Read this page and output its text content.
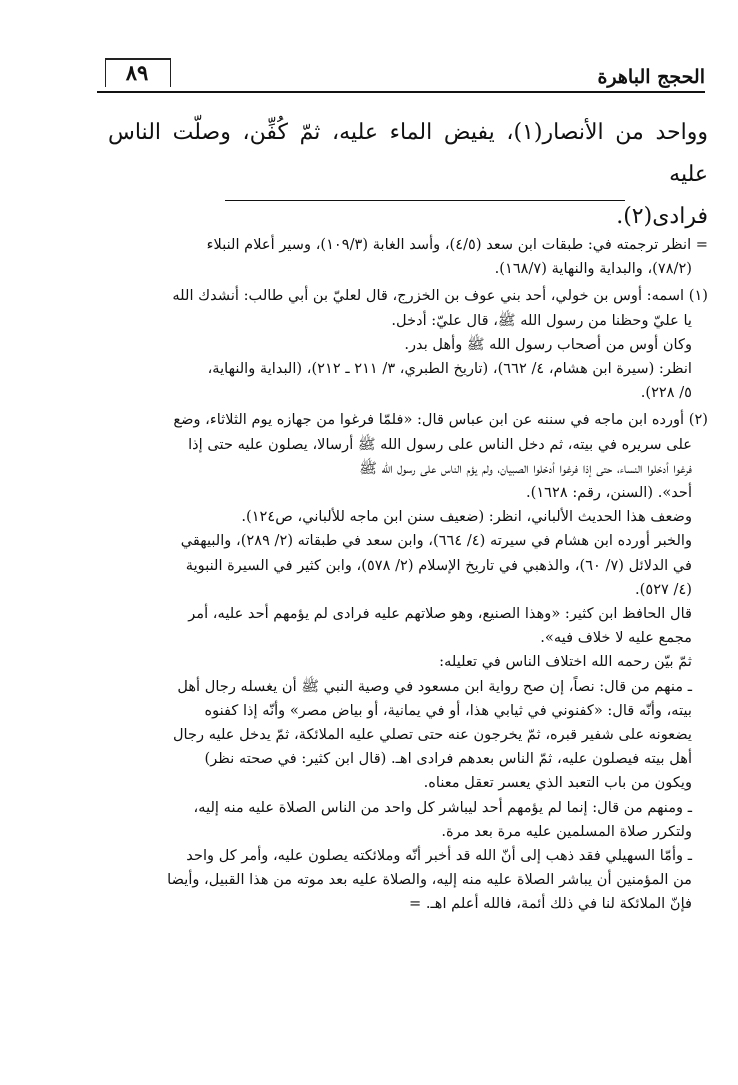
٨٩	الحجج الباهرة

وواحد من الأنصار(١)، يفيض الماء عليه، ثمّ كُفِّن، وصلّت الناس عليه

فرادى(٢).

= انظر ترجمته في: طبقات ابن سعد (٤/٥)، وأسد الغابة (١٠٩/٣)، وسير أعلام النبلاء

(٧٨/٢)، والبداية والنهاية (١٦٨/٧).

(١) اسمه: أوس بن خولي، أحد بني عوف بن الخزرج، قال لعليّ بن أبي طالب: أنشدك الله

يا عليّ وحظنا من رسول الله ﷺ، قال عليّ: أدخل.

وكان أوس من أصحاب رسول الله ﷺ وأهل بدر.

انظر: (سيرة ابن هشام، ٤/ ٦٦٢)، (تاريخ الطبري، ٣/ ٢١١ ـ ٢١٢)، (البداية والنهاية،

٥/ ٢٢٨).

(٢) أورده ابن ماجه في سننه عن ابن عباس قال: «فلمّا فرغوا من جهازه يوم الثلاثاء، وضع

على سريره في بيته، ثم دخل الناس على رسول الله ﷺ أرسالا، يصلون عليه حتى إذا

فرغوا أدخلوا النساء، حتى إذا فرغوا أدخلوا الصبيان، ولم يؤم الناس على رسول الله ﷺ

أحد». (السنن، رقم: ١٦٢٨).

وضعف هذا الحديث الألباني، انظر: (ضعيف سنن ابن ماجه للألباني، ص١٢٤).

والخبر أورده ابن هشام في سيرته (٤/ ٦٦٤)، وابن سعد في طبقاته (٢/ ٢٨٩)، والبيهقي

في الدلائل (٧/ ٦٠)، والذهبي في تاريخ الإسلام (٢/ ٥٧٨)، وابن كثير في السيرة النبوية

(٤/ ٥٢٧).

قال الحافظ ابن كثير: «وهذا الصنيع، وهو صلاتهم عليه فرادى لم يؤمهم أحد عليه، أمر

مجمع عليه لا خلاف فيه».

ثمّ بيّن رحمه الله اختلاف الناس في تعليله:

ـ منهم من قال: نصاً، إن صح رواية ابن مسعود في وصية النبي ﷺ أن يغسله رجال أهل

بيته، وأنّه قال: «كفنوني في ثيابي هذا، أو في يمانية، أو بياض مصر» وأنّه إذا كفنوه

يضعونه على شفير قبره، ثمّ يخرجون عنه حتى تصلي عليه الملائكة، ثمّ يدخل عليه رجال

أهل بيته فيصلون عليه، ثمّ الناس بعدهم فرادى اهـ. (قال ابن كثير: في صحته نظر)

ويكون من باب التعبد الذي يعسر تعقل معناه.

ـ ومنهم من قال: إنما لم يؤمهم أحد ليباشر كل واحد من الناس الصلاة عليه منه إليه،

ولتكرر صلاة المسلمين عليه مرة بعد مرة.

ـ وأمّا السهيلي فقد ذهب إلى أنّ الله قد أخبر أنّه وملائكته يصلون عليه، وأمر كل واحد

من المؤمنين أن يباشر الصلاة عليه منه إليه، والصلاة عليه بعد موته من هذا القبيل، وأيضا

فإنّ الملائكة لنا في ذلك أئمة، فالله أعلم اهـ. =
